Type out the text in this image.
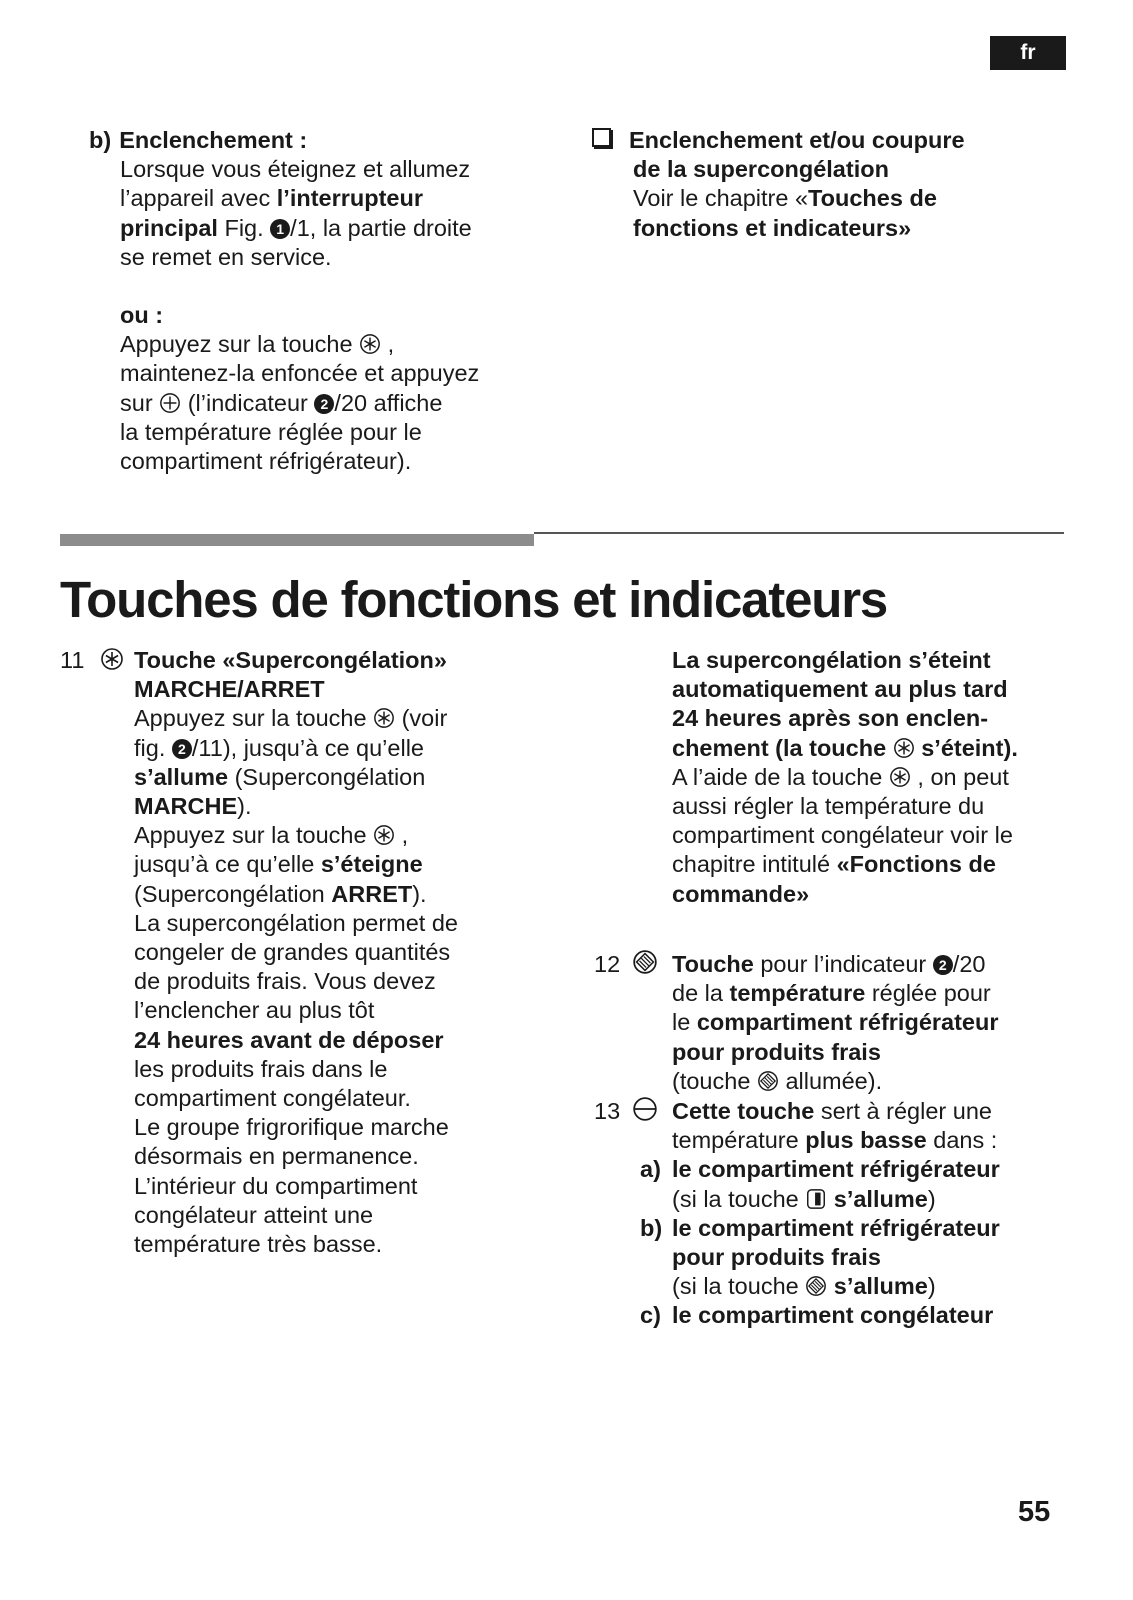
fr

b) Enclenchement :

Lorsque vous éteignez et allumez

l’appareil avec l’interrupteur

principal Fig. 1 /1, la partie droite

se remet en service.

ou :

Appuyez sur la touche  ,

maintenez-la enfoncée et appuyez

sur  (l’indicateur 2 /20 affiche

la température réglée pour le

compartiment réfrigérateur).

Enclenchement et/ou coupure

de la supercongélation

Voir le chapitre «Touches de

fonctions et indicateurs»

Touches de fonctions et indicateurs

11 Touche «Supercongélation»

MARCHE/ARRET

Appuyez sur la touche  (voir

fig. 2 /11), jusqu’à ce qu’elle

s’allume (Supercongélation

MARCHE).

Appuyez sur la touche  ,

jusqu’à ce qu’elle s’éteigne

(Supercongélation ARRET).

La supercongélation permet de

congeler de grandes quantités

de produits frais. Vous devez

l’enclencher au plus tôt

24 heures avant de déposer

les produits frais dans le

compartiment congélateur.

Le groupe frigrorifique marche

désormais en permanence.

L’intérieur du compartiment

congélateur atteint une

température très basse.

La supercongélation s’éteint

automatiquement au plus tard

24 heures après son enclen-

chement (la touche  s’éteint).

A l’aide de la touche  , on peut

aussi régler la température du

compartiment congélateur voir le

chapitre intitulé «Fonctions de

commande»

12 Touche pour l’indicateur 2 /20

de la température réglée pour

le compartiment réfrigérateur

pour produits frais

(touche  allumée).

13 Cette touche sert à régler une

température plus basse dans :

a) le compartiment réfrigérateur

(si la touche s’allume)

b) le compartiment réfrigérateur

pour produits frais

(si la touche s’allume)

c) le compartiment congélateur

55
